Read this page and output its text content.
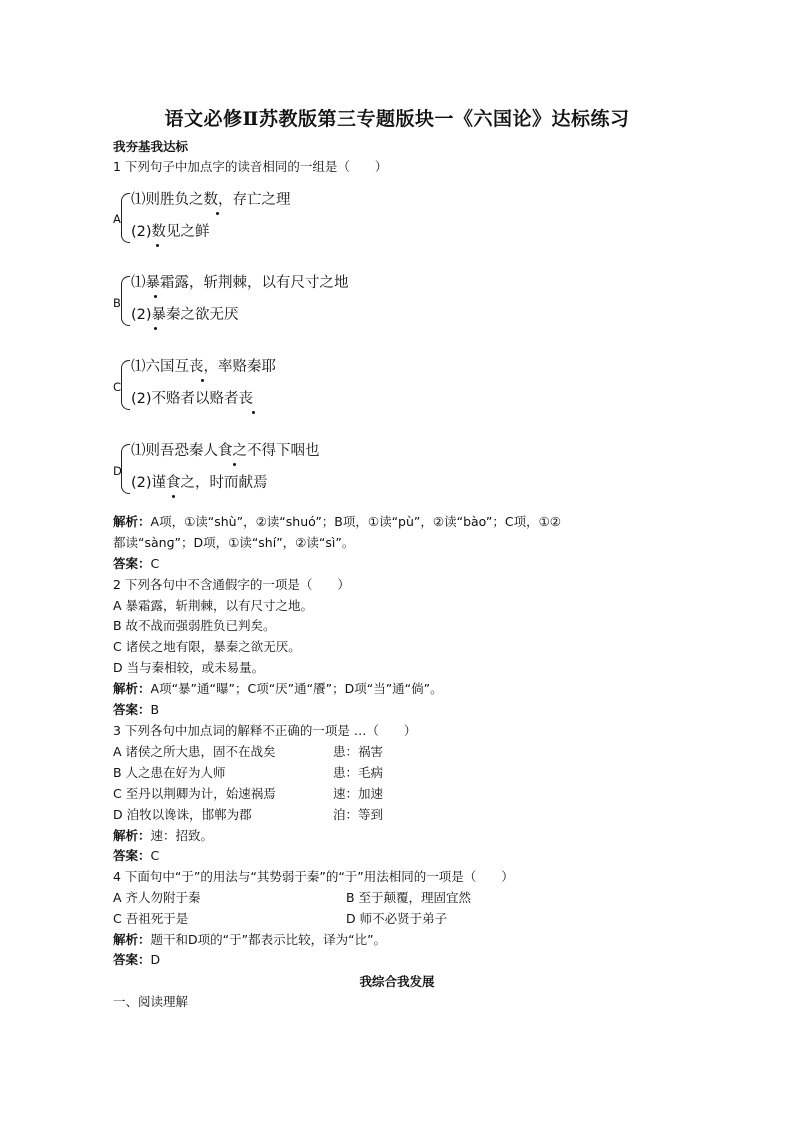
语文必修Ⅱ苏教版第三专题版块一《六国论》达标练习
我夯基我达标
1 下列句子中加点字的读音相同的一组是（　　）
A
⑴则胜负之数，存亡之理
(2)数见之鲜
B
⑴暴霜露，斩荆棘，以有尺寸之地
(2)暴秦之欲无厌
C
⑴六国互丧，率赂秦耶
(2)不赂者以赂者丧
D
⑴则吾恐秦人食之不得下咽也
(2)谨食之，时而献焉
解析：A项，①读“shù”，②读“shuó”；B项，①读“pù”，②读“bào”；C项，①②
都读“sànɡ”；D项，①读“shí”，②读“sì”。
答案：C
2 下列各句中不含通假字的一项是（　　）
A 暴霜露，斩荆棘，以有尺寸之地。
B 故不战而强弱胜负已判矣。
C 诸侯之地有限，暴秦之欲无厌。
D 当与秦相较，或未易量。
解析：A项“暴”通“曝”；C项“厌”通“餍”；D项“当”通“倘”。
答案：B
3 下列各句中加点词的解释不正确的一项是 …（　　）
A 诸侯之所大患，固不在战矣	患：祸害
B 人之患在好为人师	患：毛病
C 至丹以荆卿为计，始速祸焉	速：加速
D 洎牧以谗诛，邯郸为郡	洎：等到
解析：速：招致。
答案：C
4 下面句中“于”的用法与“其势弱于秦”的“于”用法相同的一项是（　　）
A 齐人勿附于秦	B 至于颠覆，理固宜然
C 吾祖死于是	D 师不必贤于弟子
解析：题干和D项的“于”都表示比较，译为“比”。
答案：D
我综合我发展
一、阅读理解
